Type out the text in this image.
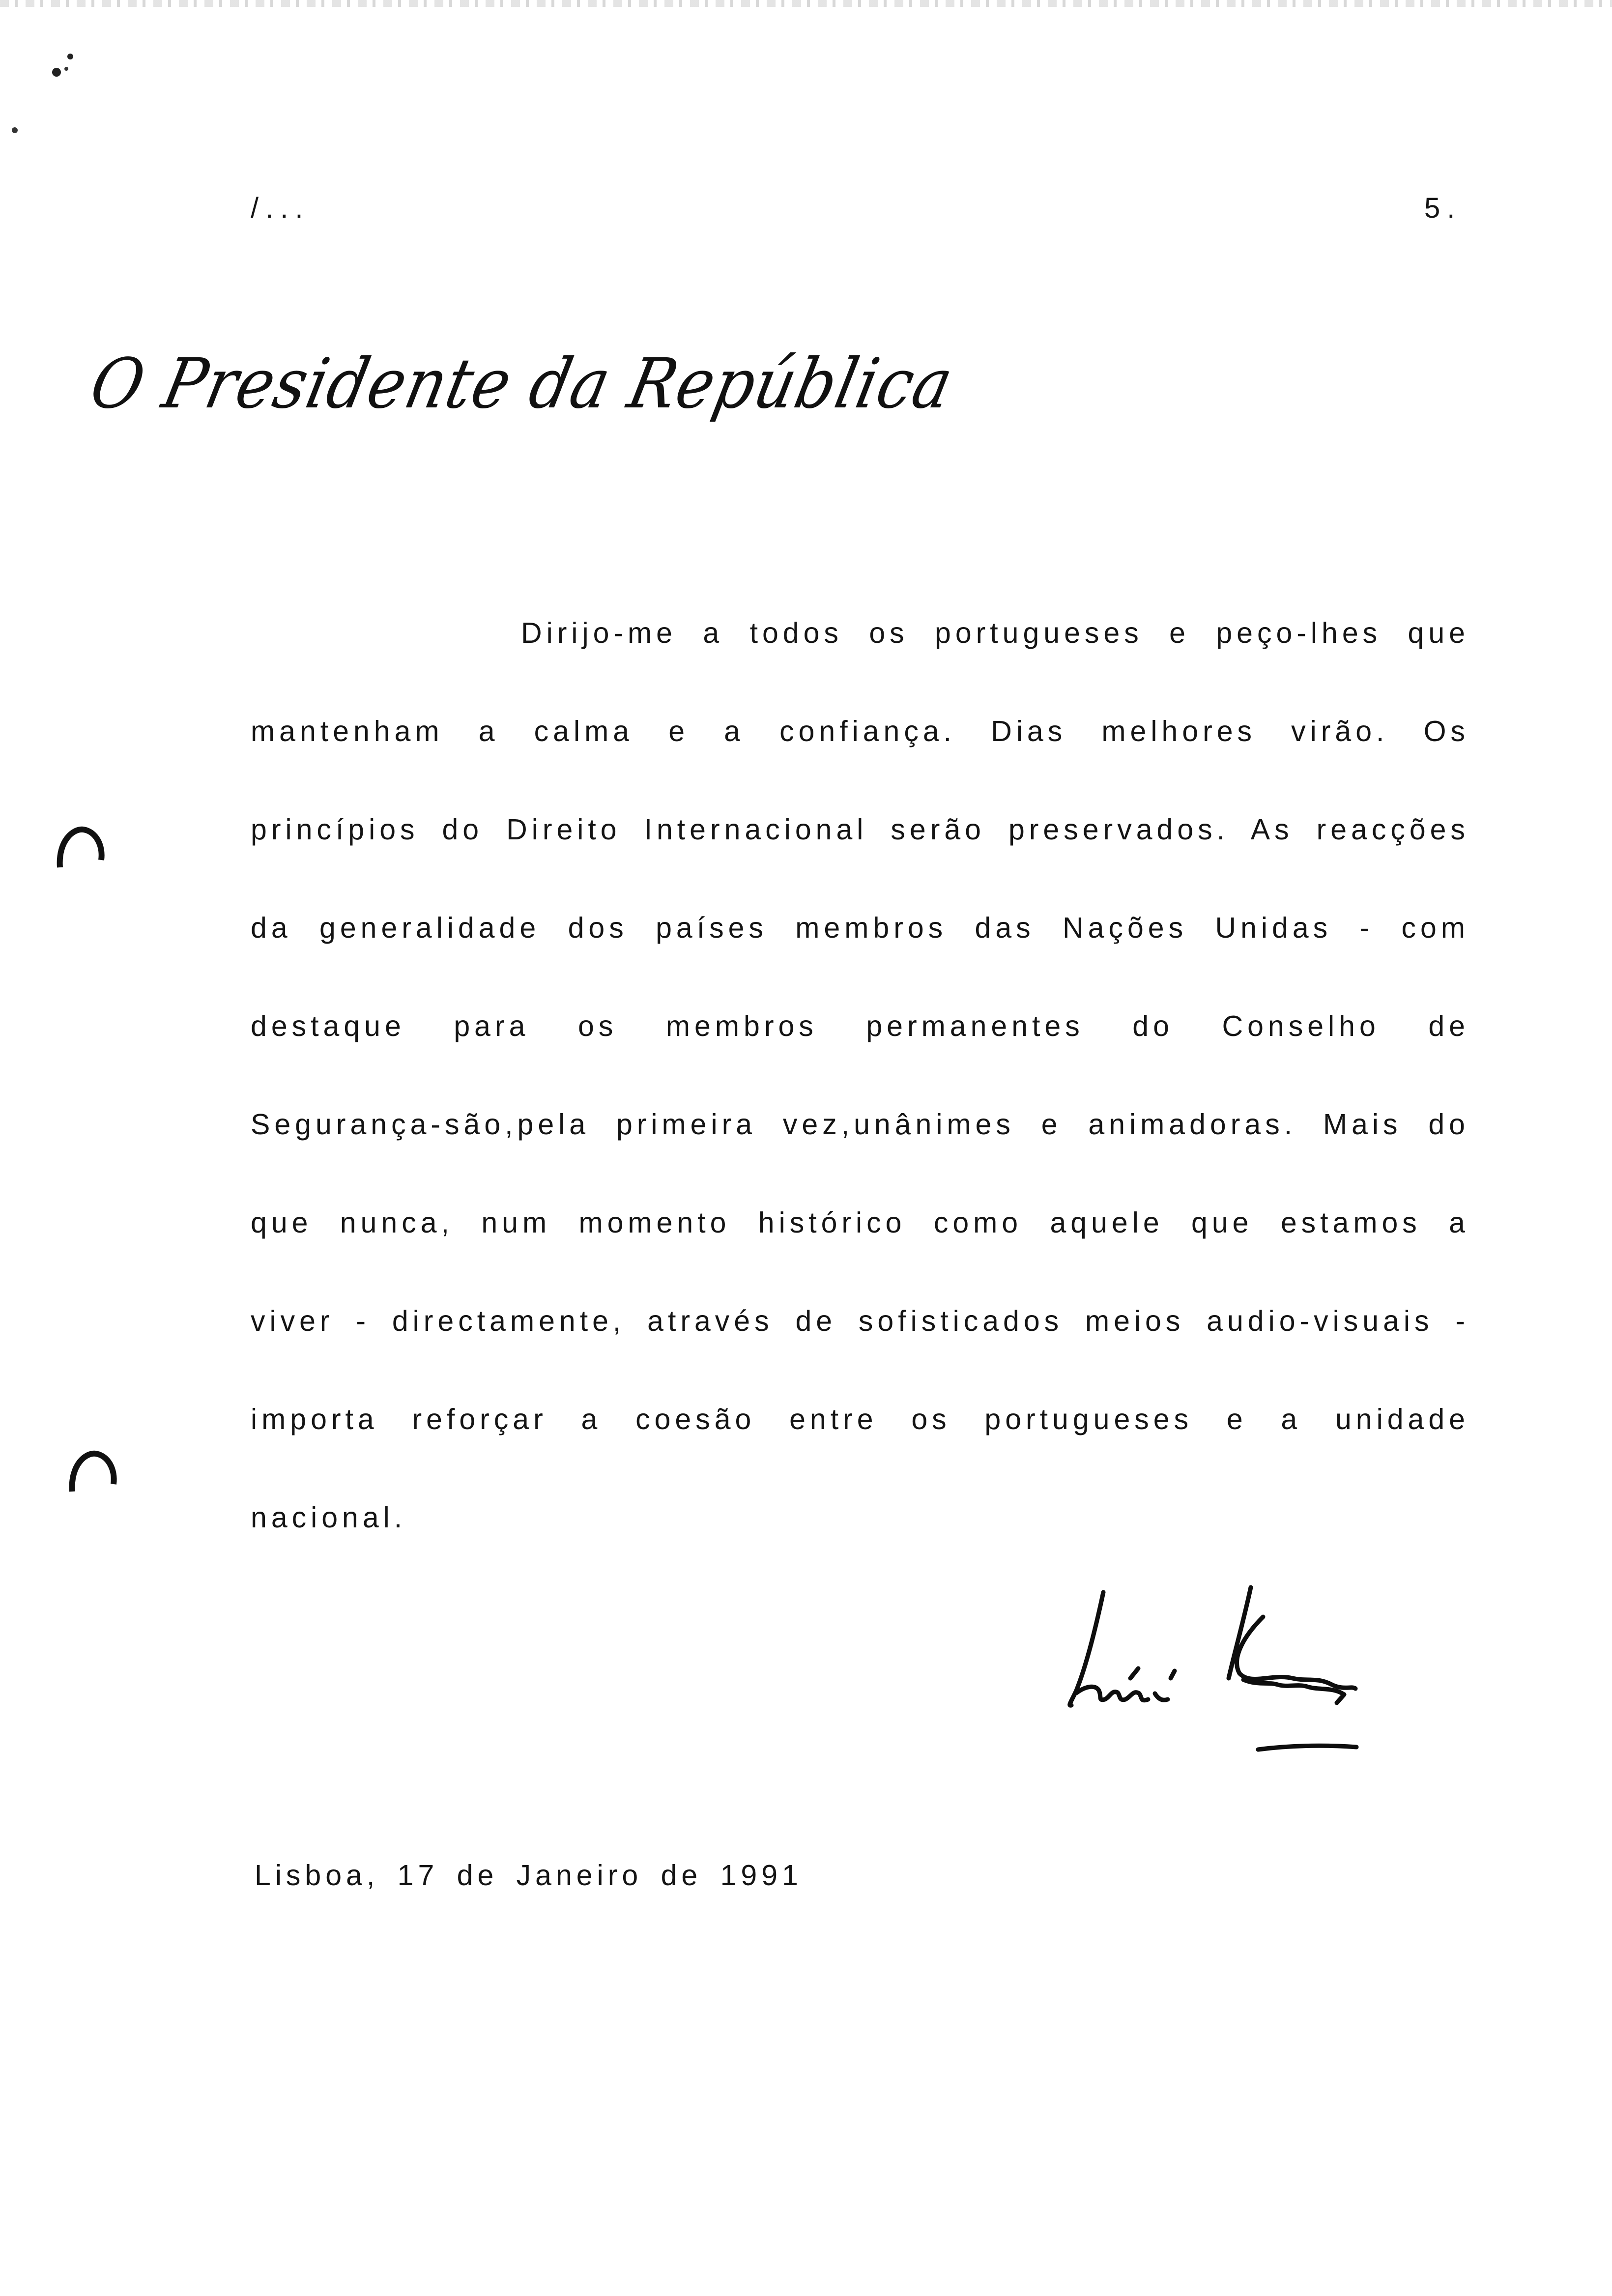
/...	5.
O Presidente da República
Dirijo-me a todos os portugueses e peço-lhes que mantenham a calma e a confiança. Dias melhores virão. Os princípios do Direito Internacional serão preservados. As reacções da generalidade dos países membros das Nações Unidas - com destaque para os membros permanentes do Conselho de Segurança-são,pela primeira vez,unânimes e animadoras. Mais do que nunca, num momento histórico como aquele que estamos a viver - directamente, através de sofisticados meios audio-visuais - importa reforçar a coesão entre os portugueses e a unidade nacional.
Lisboa, 17 de Janeiro de 1991
